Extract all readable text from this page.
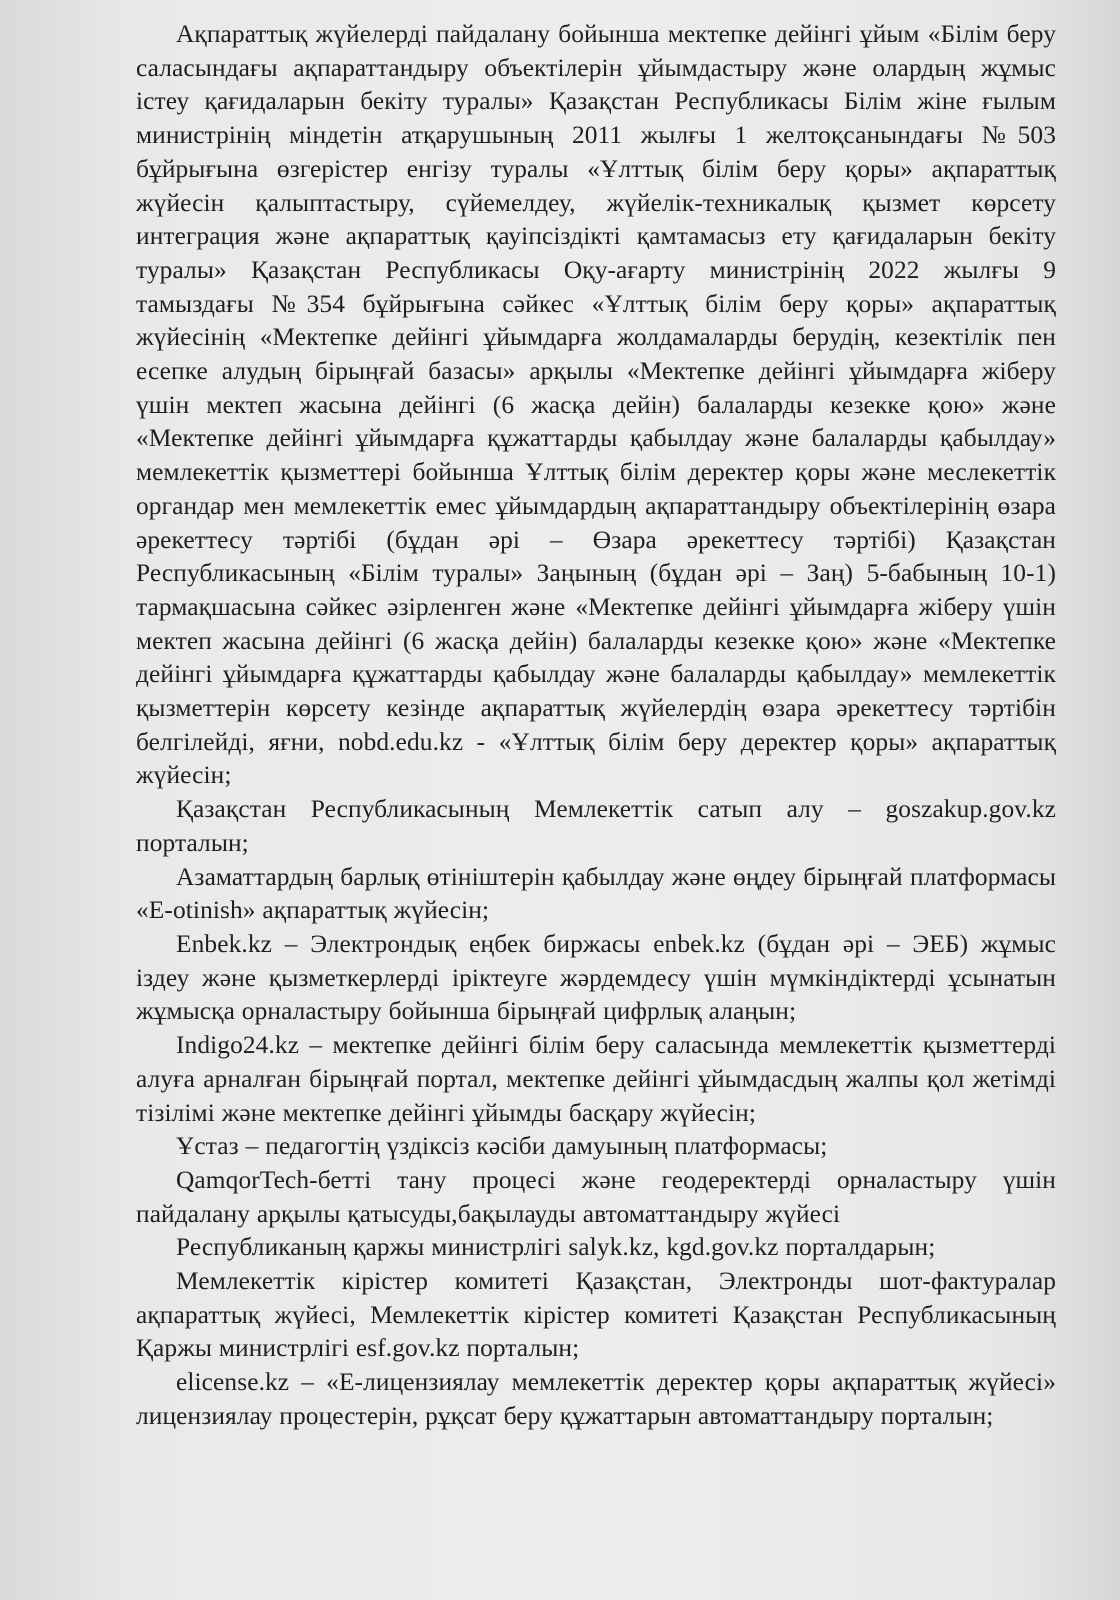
Ақпараттық жүйелерді пайдалану бойынша мектепке дейінгі ұйым «Білім беру саласындағы ақпараттандыру объектілерін ұйымдастыру және олардың жұмыс істеу қағидаларын бекіту туралы» Қазақстан Республикасы Білім жіне ғылым министрінің міндетін атқарушының 2011 жылғы 1 желтоқсанындағы №503 бұйрығына өзгерістер енгізу туралы «Ұлттық білім беру қоры» ақпараттық жүйесін қалыптастыру, сүйемелдеу, жүйелік-техникалық қызмет көрсету интеграция және ақпараттық қауіпсіздікті қамтамасыз ету қағидаларын бекіту туралы» Қазақстан Республикасы Оқу-ағарту министрінің 2022 жылғы 9 тамыздағы №354 бұйрығына сәйкес «Ұлттық білім беру қоры» ақпараттық жүйесінің «Мектепке дейінгі ұйымдарға жолдамаларды берудің, кезектілік пен есепке алудың бірыңғай базасы» арқылы «Мектепке дейінгі ұйымдарға жіберу үшін мектеп жасына дейінгі (6 жасқа дейін) балаларды кезекке қою» және «Мектепке дейінгі ұйымдарға құжаттарды қабылдау және балаларды қабылдау» мемлекеттік қызметтері бойынша Ұлттық білім деректер қоры және меслекеттік органдар мен мемлекеттік емес ұйымдардың ақпараттандыру объектілерінің өзара әрекеттесу тәртібі (бұдан әрі – Өзара әрекеттесу тәртібі) Қазақстан Республикасының «Білім туралы» Заңының (бұдан әрі – Заң) 5-бабының 10-1) тармақшасына сәйкес әзірленген және «Мектепке дейінгі ұйымдарға жіберу үшін мектеп жасына дейінгі (6 жасқа дейін) балаларды кезекке қою» және «Мектепке дейінгі ұйымдарға құжаттарды қабылдау және балаларды қабылдау» мемлекеттік қызметтерін көрсету кезінде ақпараттық жүйелердің өзара әрекеттесу тәртібін белгілейді, яғни, nobd.edu.kz - «Ұлттық білім беру деректер қоры» ақпараттық жүйесін;

Қазақстан Республикасының Мемлекеттік сатып алу – goszakup.gov.kz порталын;

Азаматтардың барлық өтініштерін қабылдау және өңдеу бірыңғай платформасы «E-otinish» ақпараттық жүйесін;

Enbek.kz – Электрондық еңбек биржасы enbek.kz (бұдан әрі – ЭЕБ) жұмыс іздеу және қызметкерлерді іріктеуге жәрдемдесу үшін мүмкіндіктерді ұсынатын жұмысқа орналастыру бойынша бірыңғай цифрлық алаңын;

Indigo24.kz – мектепке дейінгі білім беру саласында мемлекеттік қызметтерді алуға арналған бірыңғай портал, мектепке дейінгі ұйымдасдың жалпы қол жетімді тізілімі және мектепке дейінгі ұйымды басқару жүйесін;

Ұстаз – педагогтің үздіксіз кәсіби дамуының платформасы;

QamqorTech-бетті тану процесі және геодеректерді орналастыру үшін пайдалану арқылы қатысуды,бақылауды автоматтандыру жүйесі

Республиканың қаржы министрлігі salyk.kz, kgd.gov.kz порталдарын;

Мемлекеттік кірістер комитеті Қазақстан, Электронды шот-фактуралар ақпараттық жүйесі, Мемлекеттік кірістер комитеті Қазақстан Республикасының Қаржы министрлігі esf.gov.kz порталын;

elicense.kz – «Е-лицензиялау мемлекеттік деректер қоры ақпараттық жүйесі» лицензиялау процестерін, рұқсат беру құжаттарын автоматтандыру порталын;
